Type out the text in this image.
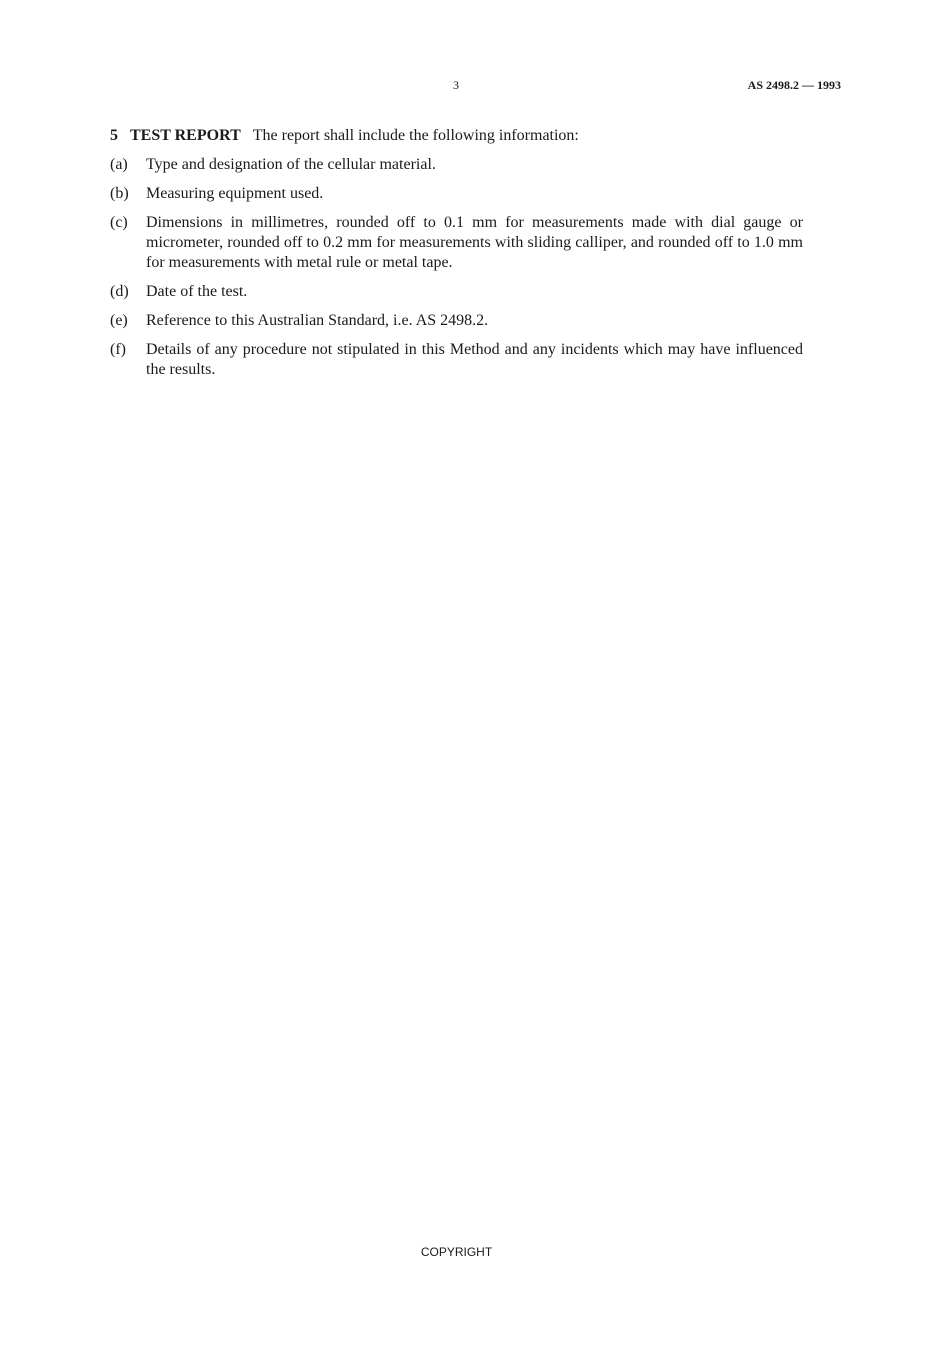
3	AS 2498.2 — 1993

5 TEST REPORT The report shall include the following information:

(a) Type and designation of the cellular material.
(b) Measuring equipment used.
(c) Dimensions in millimetres, rounded off to 0.1 mm for measurements made with dial gauge or micrometer, rounded off to 0.2 mm for measurements with sliding calliper, and rounded off to 1.0 mm for measurements with metal rule or metal tape.
(d) Date of the test.
(e) Reference to this Australian Standard, i.e. AS 2498.2.
(f) Details of any procedure not stipulated in this Method and any incidents which may have influenced the results.
COPYRIGHT
